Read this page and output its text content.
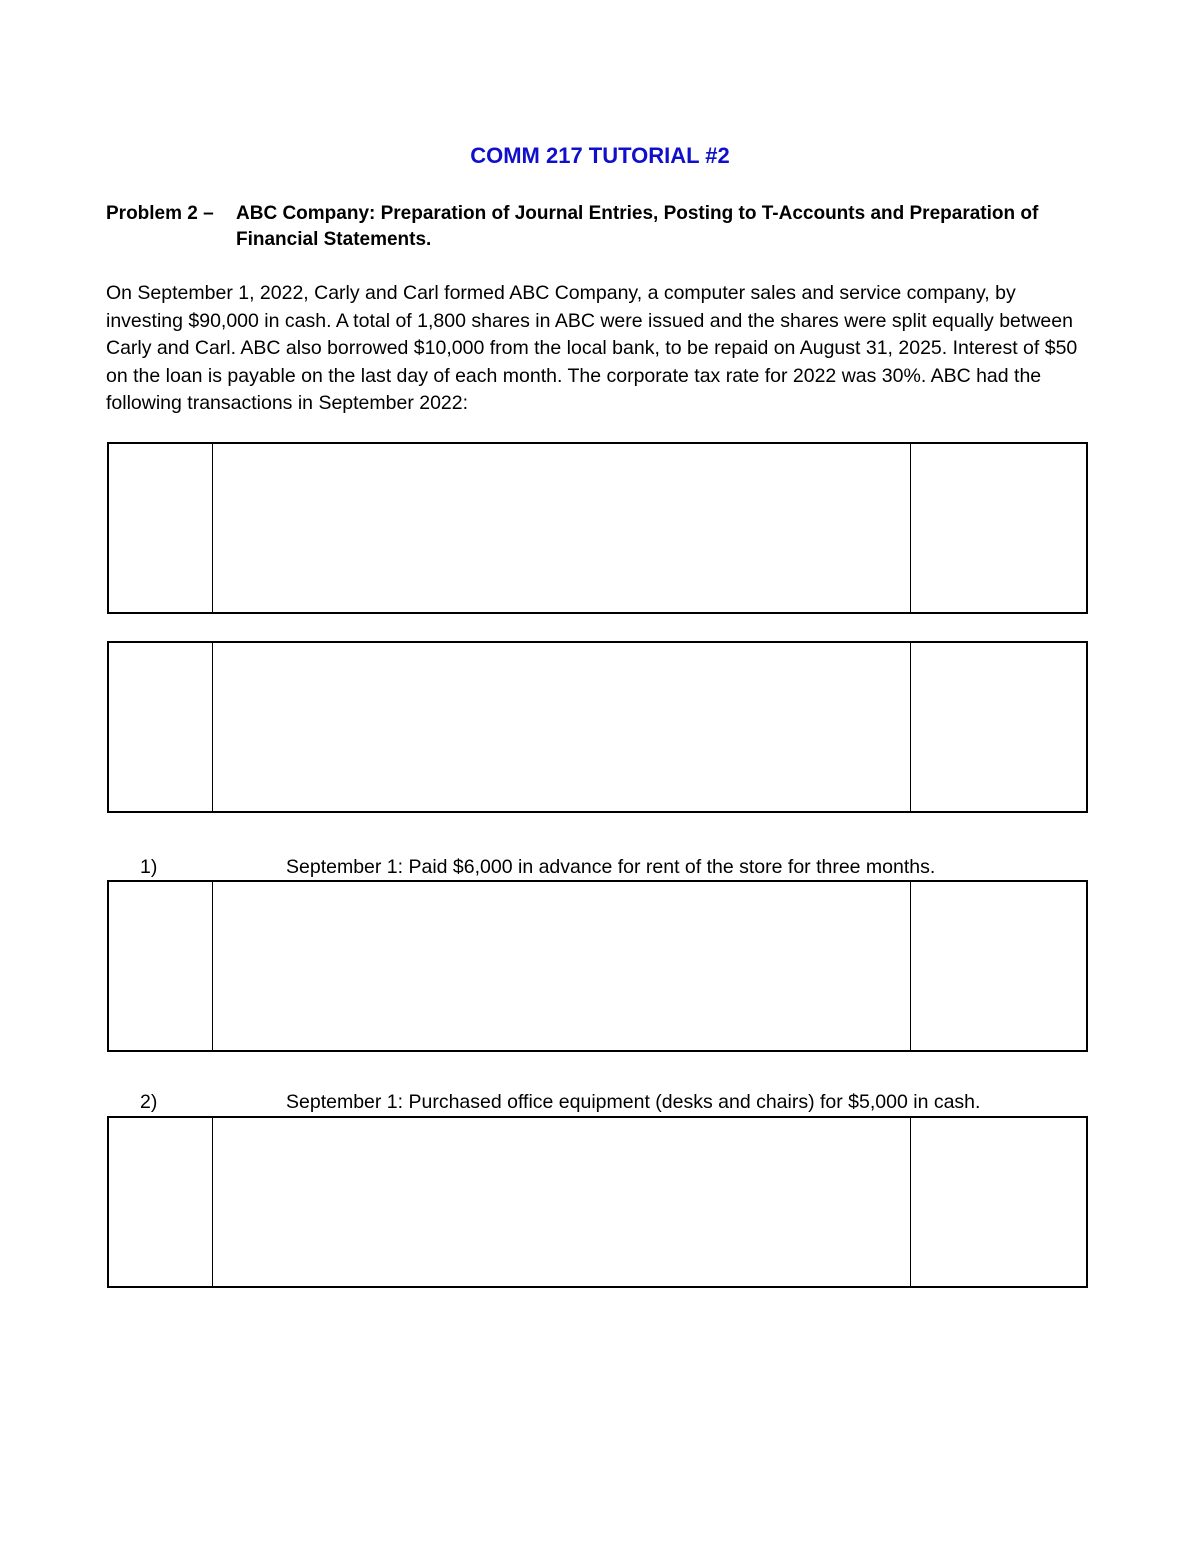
COMM 217 TUTORIAL #2
Problem 2 – ABC Company: Preparation of Journal Entries, Posting to T-Accounts and Preparation of Financial Statements.
On September 1, 2022, Carly and Carl formed ABC Company, a computer sales and service company, by investing $90,000 in cash. A total of 1,800 shares in ABC were issued and the shares were split equally between Carly and Carl. ABC also borrowed $10,000 from the local bank, to be repaid on August 31, 2025. Interest of $50 on the loan is payable on the last day of each month. The corporate tax rate for 2022 was 30%. ABC had the following transactions in September 2022:
1)	September 1: Paid $6,000 in advance for rent of the store for three months.
2)	September 1: Purchased office equipment (desks and chairs) for $5,000 in cash.
